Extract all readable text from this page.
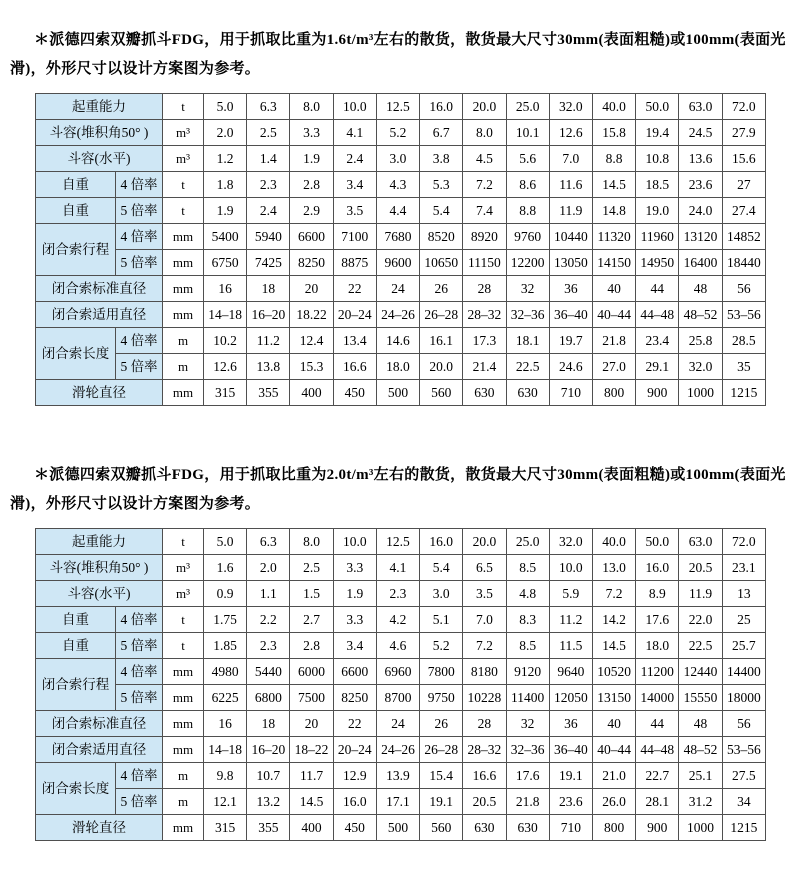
＊派德四索双瓣抓斗FDG，用于抓取比重为1.6t/m³左右的散货，散货最大尺寸30mm(表面粗糙)或100mm(表面光滑)，外形尺寸以设计方案图为参考。

起重能力		t	5.0	6.3	8.0	10.0	12.5	16.0	20.0	25.0	32.0	40.0	50.0	63.0	72.0
斗容(堆积角50° )		m³	2.0	2.5	3.3	4.1	5.2	6.7	8.0	10.1	12.6	15.8	19.4	24.5	27.9
斗容(水平)		m³	1.2	1.4	1.9	2.4	3.0	3.8	4.5	5.6	7.0	8.8	10.8	13.6	15.6
自重	4 倍率	t	1.8	2.3	2.8	3.4	4.3	5.3	7.2	8.6	11.6	14.5	18.5	23.6	27
自重	5 倍率	t	1.9	2.4	2.9	3.5	4.4	5.4	7.4	8.8	11.9	14.8	19.0	24.0	27.4
闭合索行程	4 倍率	mm	5400	5940	6600	7100	7680	8520	8920	9760	10440	11320	11960	13120	14852
	5 倍率	mm	6750	7425	8250	8875	9600	10650	11150	12200	13050	14150	14950	16400	18440
闭合索标准直径		mm	16	18	20	22	24	26	28	32	36	40	44	48	56
闭合索适用直径		mm	14–18	16–20	18.22	20–24	24–26	26–28	28–32	32–36	36–40	40–44	44–48	48–52	53–56
闭合索长度	4 倍率	m	10.2	11.2	12.4	13.4	14.6	16.1	17.3	18.1	19.7	21.8	23.4	25.8	28.5
	5 倍率	m	12.6	13.8	15.3	16.6	18.0	20.0	21.4	22.5	24.6	27.0	29.1	32.0	35
滑轮直径		mm	315	355	400	450	500	560	630	630	710	800	900	1000	1215

＊派德四索双瓣抓斗FDG，用于抓取比重为2.0t/m³左右的散货，散货最大尺寸30mm(表面粗糙)或100mm(表面光滑)，外形尺寸以设计方案图为参考。

起重能力		t	5.0	6.3	8.0	10.0	12.5	16.0	20.0	25.0	32.0	40.0	50.0	63.0	72.0
斗容(堆积角50° )		m³	1.6	2.0	2.5	3.3	4.1	5.4	6.5	8.5	10.0	13.0	16.0	20.5	23.1
斗容(水平)		m³	0.9	1.1	1.5	1.9	2.3	3.0	3.5	4.8	5.9	7.2	8.9	11.9	13
自重	4 倍率	t	1.75	2.2	2.7	3.3	4.2	5.1	7.0	8.3	11.2	14.2	17.6	22.0	25
自重	5 倍率	t	1.85	2.3	2.8	3.4	4.6	5.2	7.2	8.5	11.5	14.5	18.0	22.5	25.7
闭合索行程	4 倍率	mm	4980	5440	6000	6600	6960	7800	8180	9120	9640	10520	11200	12440	14400
	5 倍率	mm	6225	6800	7500	8250	8700	9750	10228	11400	12050	13150	14000	15550	18000
闭合索标准直径		mm	16	18	20	22	24	26	28	32	36	40	44	48	56
闭合索适用直径		mm	14–18	16–20	18–22	20–24	24–26	26–28	28–32	32–36	36–40	40–44	44–48	48–52	53–56
闭合索长度	4 倍率	m	9.8	10.7	11.7	12.9	13.9	15.4	16.6	17.6	19.1	21.0	22.7	25.1	27.5
	5 倍率	m	12.1	13.2	14.5	16.0	17.1	19.1	20.5	21.8	23.6	26.0	28.1	31.2	34
滑轮直径		mm	315	355	400	450	500	560	630	630	710	800	900	1000	1215
